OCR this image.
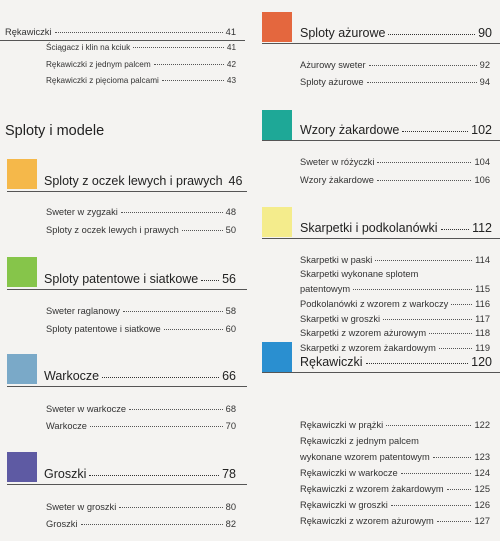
Rękawiczki	41
Ściągacz i klin na kciuk	41
Rękawiczki z jednym palcem	42
Rękawiczki z pięcioma palcami	43
Sploty i modele
Sploty z oczek lewych i prawych 46
Sweter w zygzaki	48
Sploty z oczek lewych i prawych	50
Sploty patentowe i siatkowe 56
Sweter raglanowy	58
Sploty patentowe i siatkowe	60
Warkocze	66
Sweter w warkocze	68
Warkocze	70
Groszki	78
Sweter w groszki	80
Groszki	82
Sploty ażurowe	90
Ażurowy sweter	92
Sploty ażurowe	94
Wzory żakardowe	102
Sweter w różyczki	104
Wzory żakardowe	106
Skarpetki i podkolanówki	112
Skarpetki w paski	114
Skarpetki wykonane splotem
patentowym	115
Podkolanówki z wzorem z warkoczy	116
Skarpetki w groszki	117
Skarpetki z wzorem ażurowym	118
Skarpetki z wzorem żakardowym	119
Rękawiczki	120
Rękawiczki w prążki	122
Rękawiczki z jednym palcem
wykonane wzorem patentowym	123
Rękawiczki w warkocze	124
Rękawiczki z wzorem żakardowym	125
Rękawiczki w groszki	126
Rękawiczki z wzorem ażurowym	127
